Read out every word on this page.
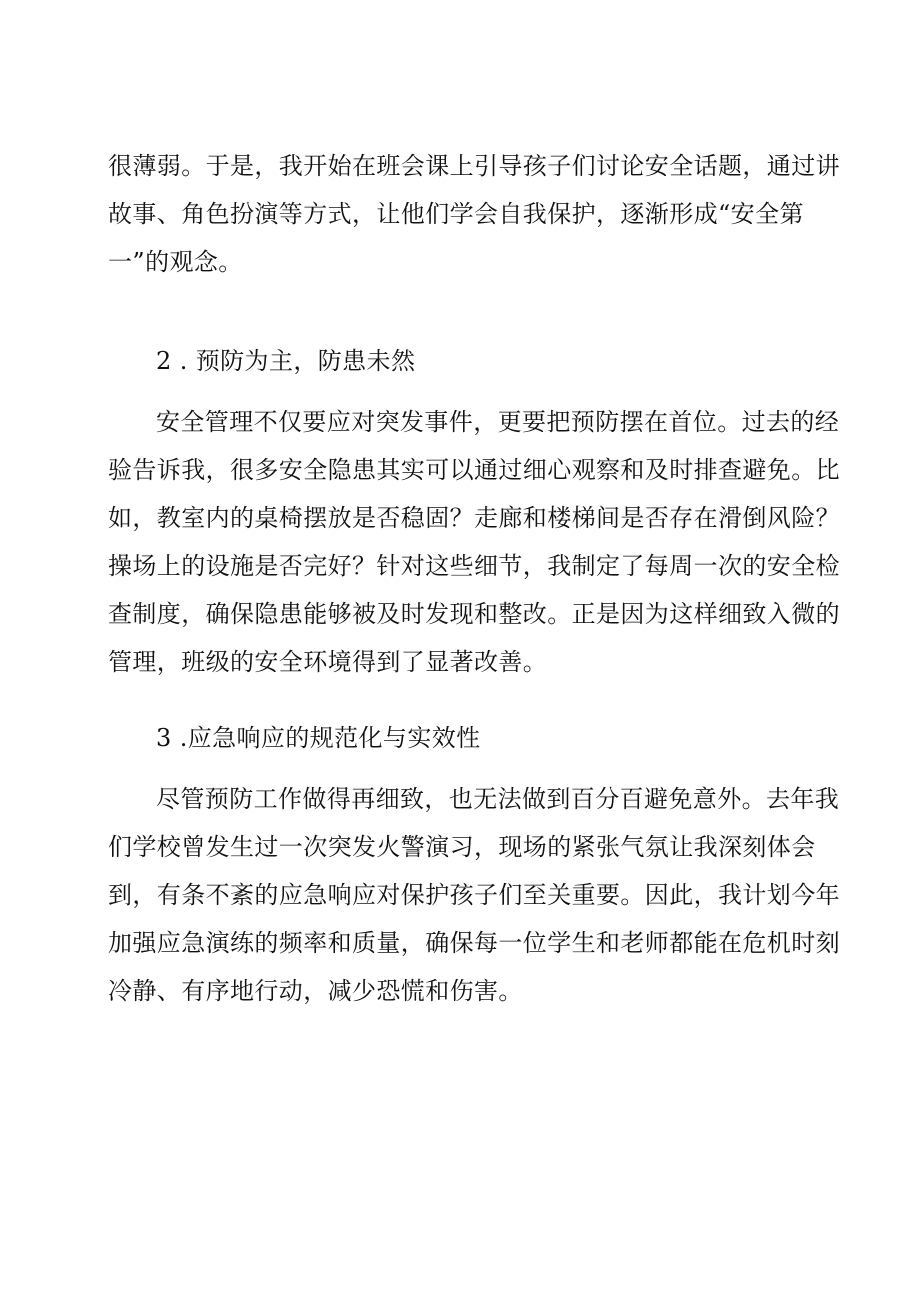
很薄弱。于是，我开始在班会课上引导孩子们讨论安全话题，通过讲
故事、角色扮演等方式，让他们学会自我保护，逐渐形成“安全第
一”的观念。
2 . 预防为主，防患未然
安全管理不仅要应对突发事件，更要把预防摆在首位。过去的经
验告诉我，很多安全隐患其实可以通过细心观察和及时排查避免。比
如，教室内的桌椅摆放是否稳固？走廊和楼梯间是否存在滑倒风险？
操场上的设施是否完好？针对这些细节，我制定了每周一次的安全检
查制度，确保隐患能够被及时发现和整改。正是因为这样细致入微的
管理，班级的安全环境得到了显著改善。
3 .应急响应的规范化与实效性
尽管预防工作做得再细致，也无法做到百分百避免意外。去年我
们学校曾发生过一次突发火警演习，现场的紧张气氛让我深刻体会
到，有条不紊的应急响应对保护孩子们至关重要。因此，我计划今年
加强应急演练的频率和质量，确保每一位学生和老师都能在危机时刻
冷静、有序地行动，减少恐慌和伤害。
